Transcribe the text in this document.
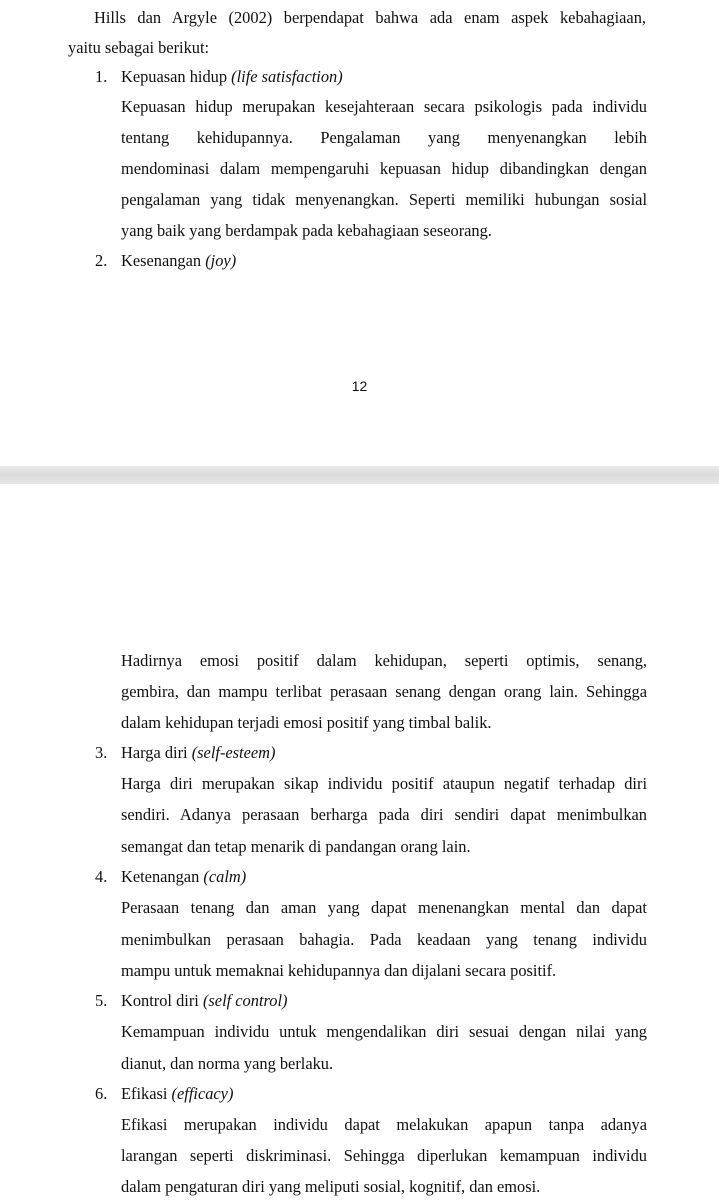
Hills dan Argyle (2002) berpendapat bahwa ada enam aspek kebahagiaan,
yaitu sebagai berikut:
1. Kepuasan hidup (life satisfaction)
Kepuasan hidup merupakan kesejahteraan secara psikologis pada individu
tentang kehidupannya. Pengalaman yang menyenangkan lebih
mendominasi dalam mempengaruhi kepuasan hidup dibandingkan dengan
pengalaman yang tidak menyenangkan. Seperti memiliki hubungan sosial
yang baik yang berdampak pada kebahagiaan seseorang.
2. Kesenangan (joy)
12
Hadirnya emosi positif dalam kehidupan, seperti optimis, senang,
gembira, dan mampu terlibat perasaan senang dengan orang lain. Sehingga
dalam kehidupan terjadi emosi positif yang timbal balik.
3. Harga diri (self-esteem)
Harga diri merupakan sikap individu positif ataupun negatif terhadap diri
sendiri. Adanya perasaan berharga pada diri sendiri dapat menimbulkan
semangat dan tetap menarik di pandangan orang lain.
4. Ketenangan (calm)
Perasaan tenang dan aman yang dapat menenangkan mental dan dapat
menimbulkan perasaan bahagia. Pada keadaan yang tenang individu
mampu untuk memaknai kehidupannya dan dijalani secara positif.
5. Kontrol diri (self control)
Kemampuan individu untuk mengendalikan diri sesuai dengan nilai yang
dianut, dan norma yang berlaku.
6. Efikasi (efficacy)
Efikasi merupakan individu dapat melakukan apapun tanpa adanya
larangan seperti diskriminasi. Sehingga diperlukan kemampuan individu
dalam pengaturan diri yang meliputi sosial, kognitif, dan emosi.
